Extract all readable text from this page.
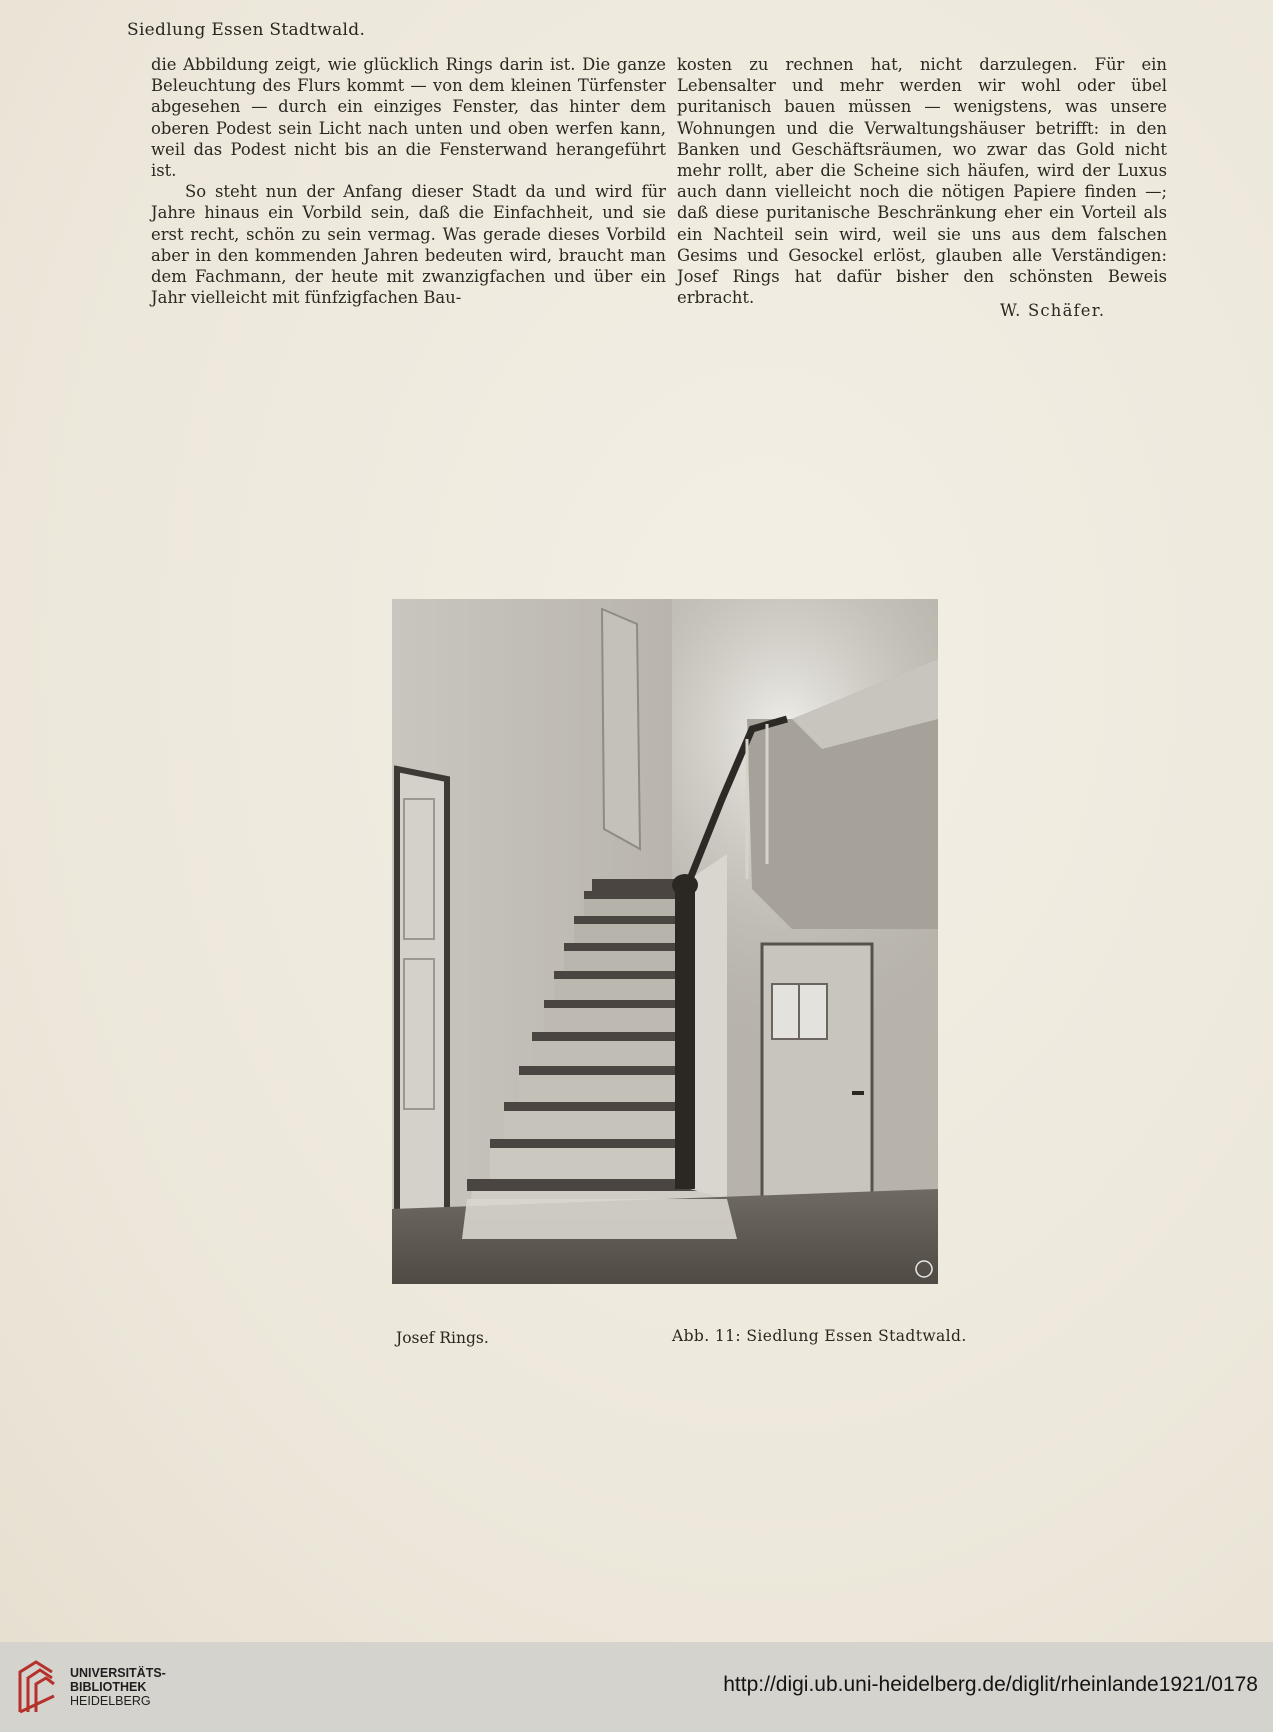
Siedlung Essen Stadtwald.

die Abbildung zeigt, wie glücklich Rings darin ist. Die ganze Beleuchtung des Flurs kommt — von dem kleinen Türfenster abgesehen — durch ein einziges Fenster, das hinter dem oberen Podest sein Licht nach unten und oben werfen kann, weil das Podest nicht bis an die Fensterwand herangeführt ist.

So steht nun der Anfang dieser Stadt da und wird für Jahre hinaus ein Vorbild sein, daß die Einfachheit, und sie erst recht, schön zu sein vermag. Was gerade dieses Vorbild aber in den kommenden Jahren bedeuten wird, braucht man dem Fachmann, der heute mit zwanzigfachen und über ein Jahr vielleicht mit fünfzigfachen Bau-

kosten zu rechnen hat, nicht darzulegen. Für ein Lebensalter und mehr werden wir wohl oder übel puritanisch bauen müssen — wenigstens, was unsere Wohnungen und die Verwaltungshäuser betrifft: in den Banken und Geschäftsräumen, wo zwar das Gold nicht mehr rollt, aber die Scheine sich häufen, wird der Luxus auch dann vielleicht noch die nötigen Papiere finden —; daß diese puritanische Beschränkung eher ein Vorteil als ein Nachteil sein wird, weil sie uns aus dem falschen Gesims und Gesockel erlöst, glauben alle Verständigen: Josef Rings hat dafür bisher den schönsten Beweis erbracht.

W. Schäfer.
Josef Rings.	Abb. 11: Siedlung Essen Stadtwald.
UNIVERSITÄTS-
BIBLIOTHEK
HEIDELBERG
http://digi.ub.uni-heidelberg.de/diglit/rheinlande1921/0178
